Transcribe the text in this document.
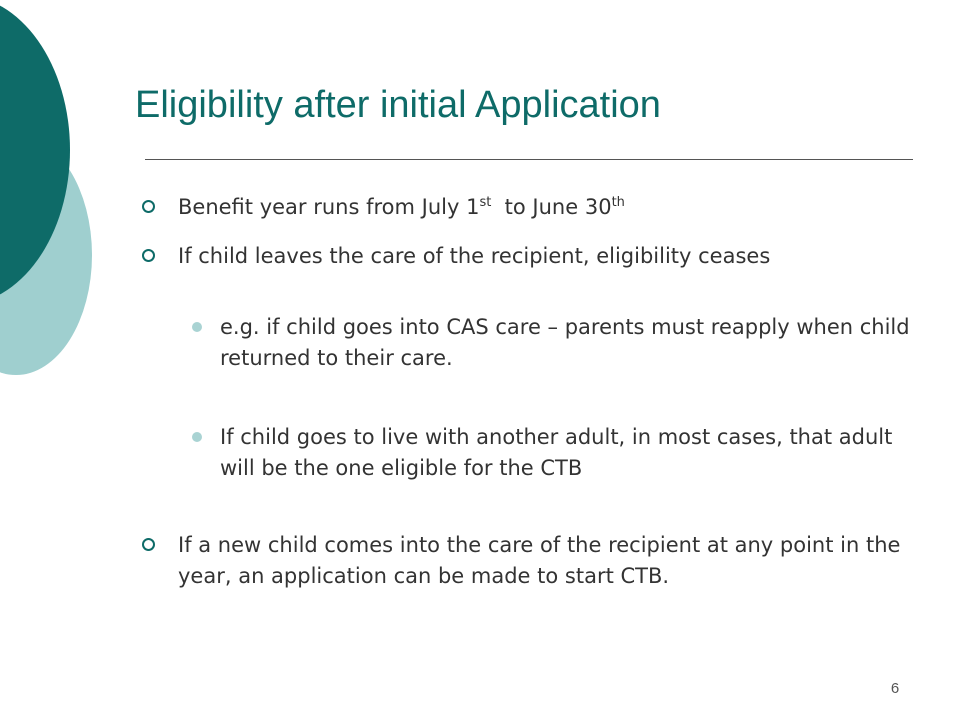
Eligibility after initial Application
Benefit year runs from July 1st  to June 30th
If child leaves the care of the recipient, eligibility ceases
e.g. if child goes into CAS care – parents must reapply when child returned to their care.
If child goes to live with another adult, in most cases, that adult will be the one eligible for the CTB
If a new child comes into the care of the recipient at any point in the year, an application can be made to start CTB.
6
